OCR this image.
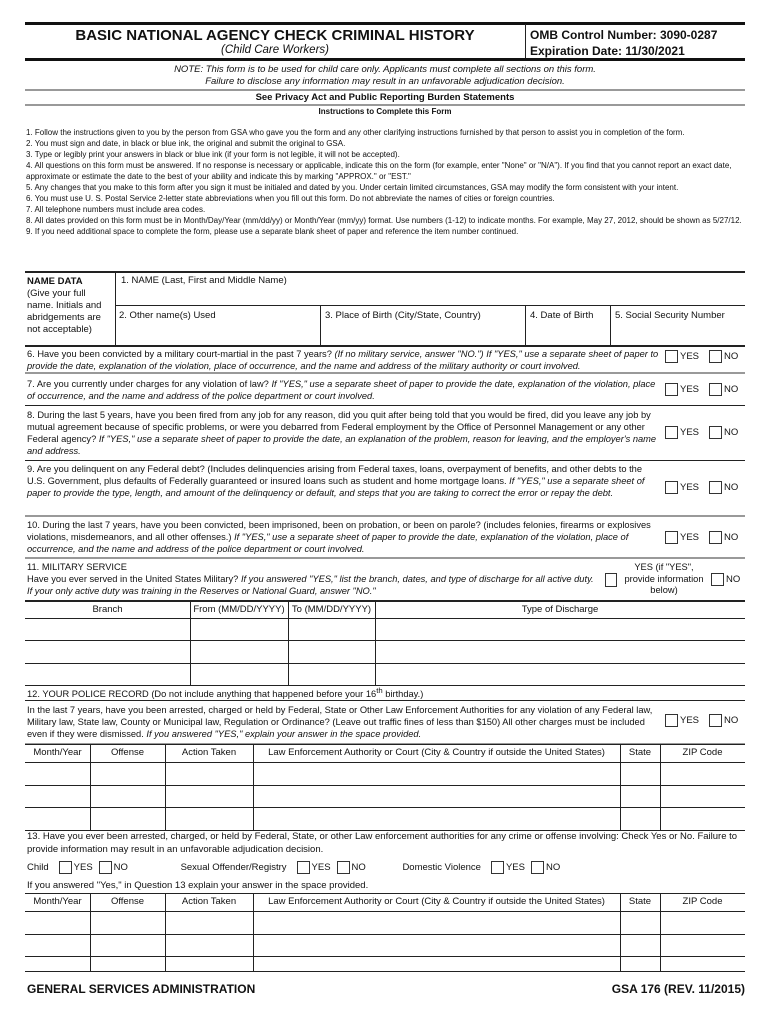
BASIC NATIONAL AGENCY CHECK CRIMINAL HISTORY
(Child Care Workers)
OMB Control Number: 3090-0287
Expiration Date: 11/30/2021
NOTE: This form is to be used for child care only. Applicants must complete all sections on this form.
Failure to disclose any information may result in an unfavorable adjudication decision.
See Privacy Act and Public Reporting Burden Statements
Instructions to Complete this Form
1. Follow the instructions given to you by the person from GSA who gave you the form and any other clarifying instructions furnished by that person to assist you in completion of the form.
2. You must sign and date, in black or blue ink, the original and submit the original to GSA.
3. Type or legibly print your answers in black or blue ink (if your form is not legible, it will not be accepted).
4. All questions on this form must be answered. If no response is necessary or applicable, indicate this on the form (for example, enter "None" or "N/A"). If you find that you cannot report an exact date, approximate or estimate the date to the best of your ability and indicate this by marking "APPROX." or "EST."
5. Any changes that you make to this form after you sign it must be initialed and dated by you. Under certain limited circumstances, GSA may modify the form consistent with your intent.
6. You must use U. S. Postal Service 2-letter state abbreviations when you fill out this form. Do not abbreviate the names of cities or foreign countries.
7. All telephone numbers must include area codes.
8. All dates provided on this form must be in Month/Day/Year (mm/dd/yy) or Month/Year (mm/yy) format. Use numbers (1-12) to indicate months. For example, May 27, 2012, should be shown as 5/27/12.
9. If you need additional space to complete the form, please use a separate blank sheet of paper and reference the item number continued.
NAME DATA
(Give your full name. Initials and abridgements are not acceptable)
1. NAME (Last, First and Middle Name)
2. Other name(s) Used	3. Place of Birth (City/State, Country)	4. Date of Birth	5. Social Security Number
6. Have you been convicted by a military court-martial in the past 7 years? (If no military service, answer "NO.") If "YES," use a separate sheet of paper to provide the date, explanation of the violation, place of occurrence, and the name and address of the military authority or court involved.
YES	NO
7. Are you currently under charges for any violation of law? If "YES," use a separate sheet of paper to provide the date, explanation of the violation, place of occurrence, and the name and address of the police department or court involved.
YES	NO
8. During the last 5 years, have you been fired from any job for any reason, did you quit after being told that you would be fired, did you leave any job by mutual agreement because of specific problems, or were you debarred from Federal employment by the Office of Personnel Management or any other Federal agency? If "YES," use a separate sheet of paper to provide the date, an explanation of the problem, reason for leaving, and the employer's name and address.
YES	NO
9. Are you delinquent on any Federal debt? (Includes delinquencies arising from Federal taxes, loans, overpayment of benefits, and other debts to the U.S. Government, plus defaults of Federally guaranteed or insured loans such as student and home mortgage loans. If "YES," use a separate sheet of paper to provide the type, length, and amount of the delinquency or default, and steps that you are taking to correct the error or repay the debt.	YES	NO
10. During the last 7 years, have you been convicted, been imprisoned, been on probation, or been on parole? (includes felonies, firearms or explosives violations, misdemeanors, and all other offenses.) If "YES," use a separate sheet of paper to provide the date, explanation of the violation, place of occurrence, and the name and address of the police department or court involved.
YES	NO
11. MILITARY SERVICE
Have you ever served in the United States Military? If you answered "YES," list the branch, dates, and type of discharge for all active duty. If your only active duty was training in the Reserves or National Guard, answer "NO."
YES (if "YES", provide information below)
NO
Branch	From (MM/DD/YYYY) To (MM/DD/YYYY)	Type of Discharge
12. YOUR POLICE RECORD (Do not include anything that happened before your 16th birthday.)
In the last 7 years, have you been arrested, charged or held by Federal, State or Other Law Enforcement Authorities for any violation of any Federal law, Military law, State law, County or Municipal law, Regulation or Ordinance? (Leave out traffic fines of less than $150) All other charges must be included even if they were dismissed. If you answered "YES," explain your answer in the space provided.
YES	NO
Month/Year	Offense	Action Taken	Law Enforcement Authority or Court (City & Country if outside the United States)	State	ZIP Code
13. Have you ever been arrested, charged, or held by Federal, State, or other Law enforcement authorities for any crime or offense involving: Check Yes or No. Failure to provide information may result in an unfavorable adjudication decision.
Child	YES NO	Sexual Offender/Registry	YES NO	Domestic Violence	YES NO
If you answered "Yes," in Question 13 explain your answer in the space provided.
Month/Year	Offense	Action Taken	Law Enforcement Authority or Court (City & Country if outside the United States)	State	ZIP Code
GENERAL SERVICES ADMINISTRATION	GSA 176 (REV. 11/2015)
